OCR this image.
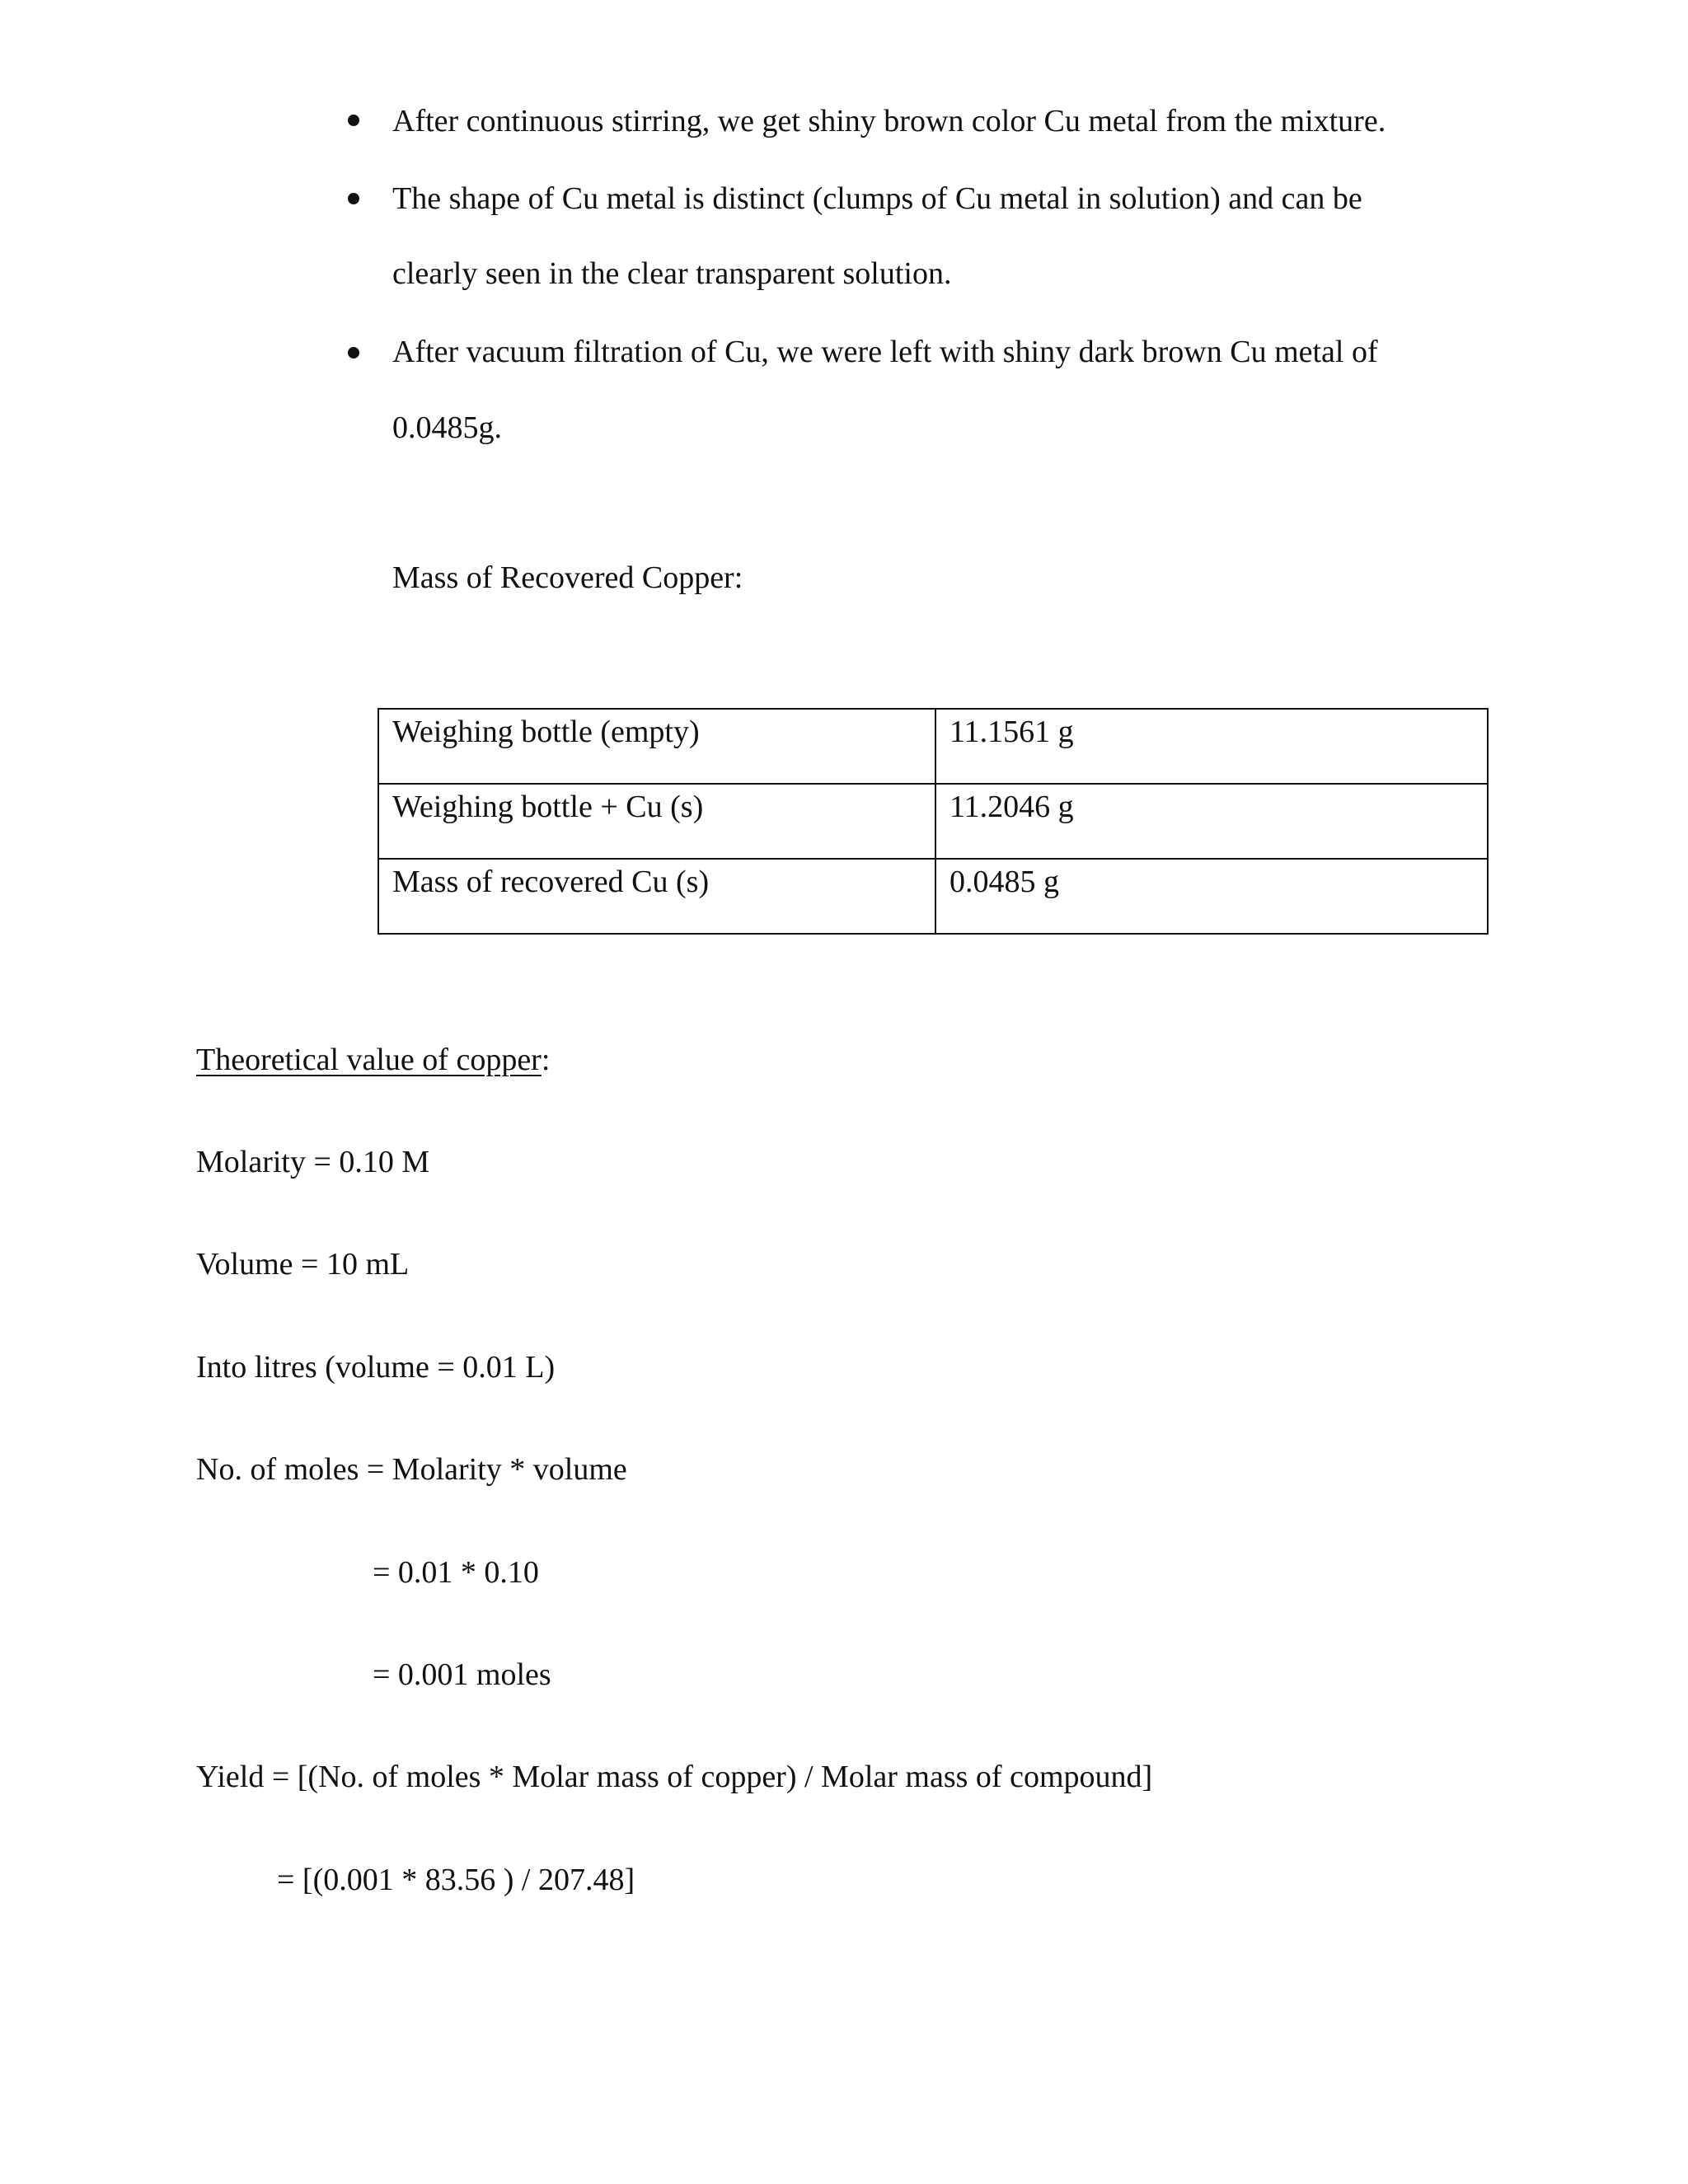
After continuous stirring, we get shiny brown color Cu metal from the mixture.
The shape of Cu metal is distinct (clumps of Cu metal in solution) and can be
clearly seen in the clear transparent solution.
After vacuum filtration of Cu, we were left with shiny dark brown Cu metal of
0.0485g.
Mass of Recovered Copper:
Weighing bottle (empty)	11.1561 g

Weighing bottle + Cu (s)	11.2046 g

Mass of recovered Cu (s)	0.0485 g
Theoretical value of copper:
Molarity = 0.10 M
Volume = 10 mL
Into litres (volume = 0.01 L)
No. of moles = Molarity * volume
= 0.01 * 0.10
= 0.001 moles
Yield = [(No. of moles * Molar mass of copper) / Molar mass of compound]
= [(0.001 * 83.56 ) / 207.48]
